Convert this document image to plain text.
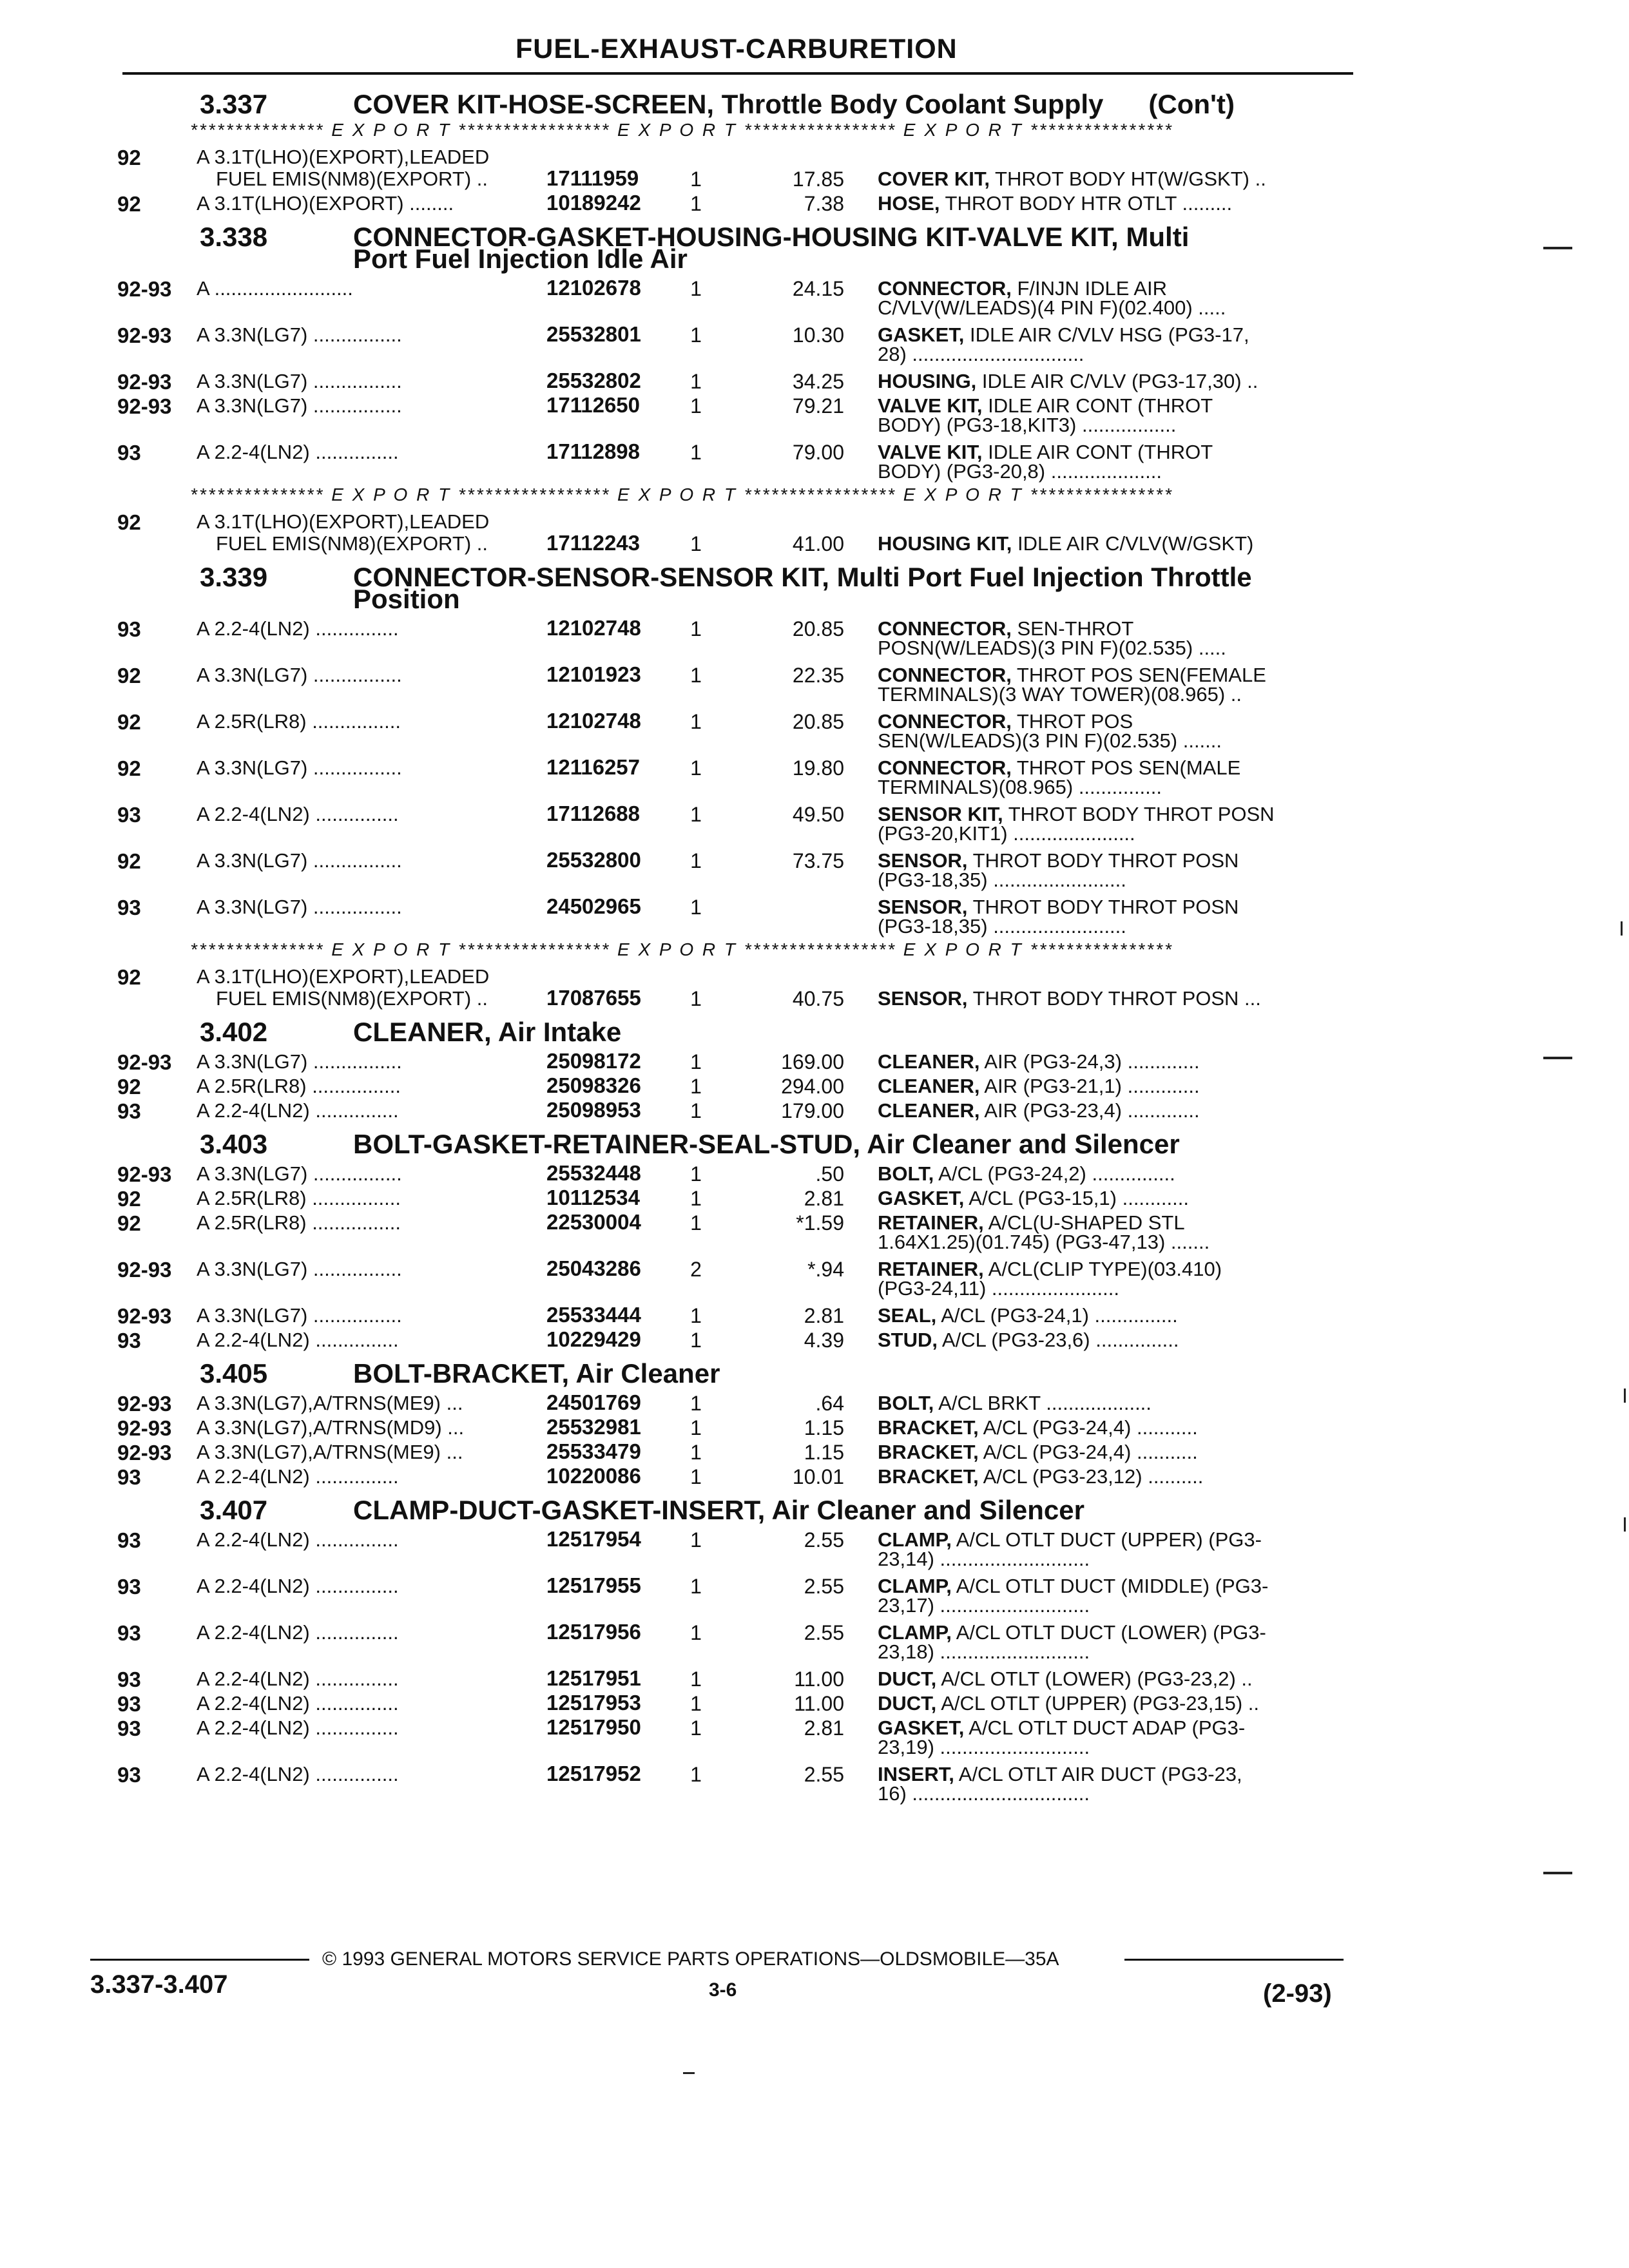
FUEL-EXHAUST-CARBURETION
3.337	COVER KIT-HOSE-SCREEN, Throttle Body Coolant Supply (Con't)
*************** E X P O R T ***************** E X P O R T ***************** E X P O R T ****************
92	A 3.1T(LHO)(EXPORT),LEADED
FUEL EMIS(NM8)(EXPORT) ..	17111959	1	17.85 COVER KIT, THROT BODY HT(W/GSKT) ..
92	A 3.1T(LHO)(EXPORT) ........	10189242	1	7.38 HOSE, THROT BODY HTR OTLT .........
3.338	CONNECTOR-GASKET-HOUSING-HOUSING KIT-VALVE KIT, Multi
Port Fuel Injection Idle Air
92-93 A .........................	12102678	1	24.15 CONNECTOR, F/INJN IDLE AIR
C/VLV(W/LEADS)(4 PIN F)(02.400) .....
92-93 A 3.3N(LG7) ................	25532801	1	10.30 GASKET, IDLE AIR C/VLV HSG (PG3-17,
28) ...............................
92-93 A 3.3N(LG7) ................	25532802	1	34.25 HOUSING, IDLE AIR C/VLV (PG3-17,30) ..
92-93 A 3.3N(LG7) ................	17112650	1	79.21 VALVE KIT, IDLE AIR CONT (THROT
BODY) (PG3-18,KIT3) .................
93	A 2.2-4(LN2) ...............	17112898	1	79.00 VALVE KIT, IDLE AIR CONT (THROT
BODY) (PG3-20,8) ....................
*************** E X P O R T ***************** E X P O R T ***************** E X P O R T ****************
92	A 3.1T(LHO)(EXPORT),LEADED
FUEL EMIS(NM8)(EXPORT) ..	17112243	1	41.00 HOUSING KIT, IDLE AIR C/VLV(W/GSKT)
3.339	CONNECTOR-SENSOR-SENSOR KIT, Multi Port Fuel Injection Throttle
Position
93	A 2.2-4(LN2) ...............	12102748	1	20.85 CONNECTOR, SEN-THROT
POSN(W/LEADS)(3 PIN F)(02.535) .....
92	A 3.3N(LG7) ................	12101923	1	22.35 CONNECTOR, THROT POS SEN(FEMALE
TERMINALS)(3 WAY TOWER)(08.965) ..
92	A 2.5R(LR8) ................	12102748	1	20.85 CONNECTOR, THROT POS
SEN(W/LEADS)(3 PIN F)(02.535) .......
92	A 3.3N(LG7) ................	12116257	1	19.80 CONNECTOR, THROT POS SEN(MALE
TERMINALS)(08.965) ...............
93	A 2.2-4(LN2) ...............	17112688	1	49.50 SENSOR KIT, THROT BODY THROT POSN
(PG3-20,KIT1) ......................
92	A 3.3N(LG7) ................	25532800	1	73.75 SENSOR, THROT BODY THROT POSN
(PG3-18,35) ........................
93	A 3.3N(LG7) ................	24502965	1	SENSOR, THROT BODY THROT POSN
(PG3-18,35) ........................
*************** E X P O R T ***************** E X P O R T ***************** E X P O R T ****************
92	A 3.1T(LHO)(EXPORT),LEADED
FUEL EMIS(NM8)(EXPORT) ..	17087655	1	40.75 SENSOR, THROT BODY THROT POSN ...
3.402	CLEANER, Air Intake
92-93 A 3.3N(LG7) ................	25098172	1	169.00 CLEANER, AIR (PG3-24,3) .............
92	A 2.5R(LR8) ................	25098326	1	294.00 CLEANER, AIR (PG3-21,1) .............
93	A 2.2-4(LN2) ...............	25098953	1	179.00 CLEANER, AIR (PG3-23,4) .............
3.403	BOLT-GASKET-RETAINER-SEAL-STUD, Air Cleaner and Silencer
92-93 A 3.3N(LG7) ................	25532448	1	.50 BOLT, A/CL (PG3-24,2) ...............
92	A 2.5R(LR8) ................	10112534	1	2.81 GASKET, A/CL (PG3-15,1) ............
92	A 2.5R(LR8) ................	22530004	1	*1.59 RETAINER, A/CL(U-SHAPED STL
1.64X1.25)(01.745) (PG3-47,13) .......
92-93 A 3.3N(LG7) ................	25043286	2	*.94 RETAINER, A/CL(CLIP TYPE)(03.410)
(PG3-24,11) .......................
92-93 A 3.3N(LG7) ................	25533444	1	2.81 SEAL, A/CL (PG3-24,1) ...............
93	A 2.2-4(LN2) ...............	10229429	1	4.39 STUD, A/CL (PG3-23,6) ...............
3.405	BOLT-BRACKET, Air Cleaner
92-93 A 3.3N(LG7),A/TRNS(ME9) ...	24501769	1	.64 BOLT, A/CL BRKT ...................
92-93 A 3.3N(LG7),A/TRNS(MD9) ...	25532981	1	1.15 BRACKET, A/CL (PG3-24,4) ...........
92-93 A 3.3N(LG7),A/TRNS(ME9) ...	25533479	1	1.15 BRACKET, A/CL (PG3-24,4) ...........
93	A 2.2-4(LN2) ...............	10220086	1	10.01 BRACKET, A/CL (PG3-23,12) ..........
3.407	CLAMP-DUCT-GASKET-INSERT, Air Cleaner and Silencer
93	A 2.2-4(LN2) ...............	12517954	1	2.55 CLAMP, A/CL OTLT DUCT (UPPER) (PG3-
23,14) ...........................
93	A 2.2-4(LN2) ...............	12517955	1	2.55 CLAMP, A/CL OTLT DUCT (MIDDLE) (PG3-
23,17) ...........................
93	A 2.2-4(LN2) ...............	12517956	1	2.55 CLAMP, A/CL OTLT DUCT (LOWER) (PG3-
23,18) ...........................
93	A 2.2-4(LN2) ...............	12517951	1	11.00 DUCT, A/CL OTLT (LOWER) (PG3-23,2) ..
93	A 2.2-4(LN2) ...............	12517953	1	11.00 DUCT, A/CL OTLT (UPPER) (PG3-23,15) ..
93	A 2.2-4(LN2) ...............	12517950	1	2.81 GASKET, A/CL OTLT DUCT ADAP (PG3-
23,19) ...........................
93	A 2.2-4(LN2) ...............	12517952	1	2.55 INSERT, A/CL OTLT AIR DUCT (PG3-23,
16) ................................
© 1993 GENERAL MOTORS SERVICE PARTS OPERATIONS—OLDSMOBILE—35A
3.337-3.407	3-6	(2-93)
